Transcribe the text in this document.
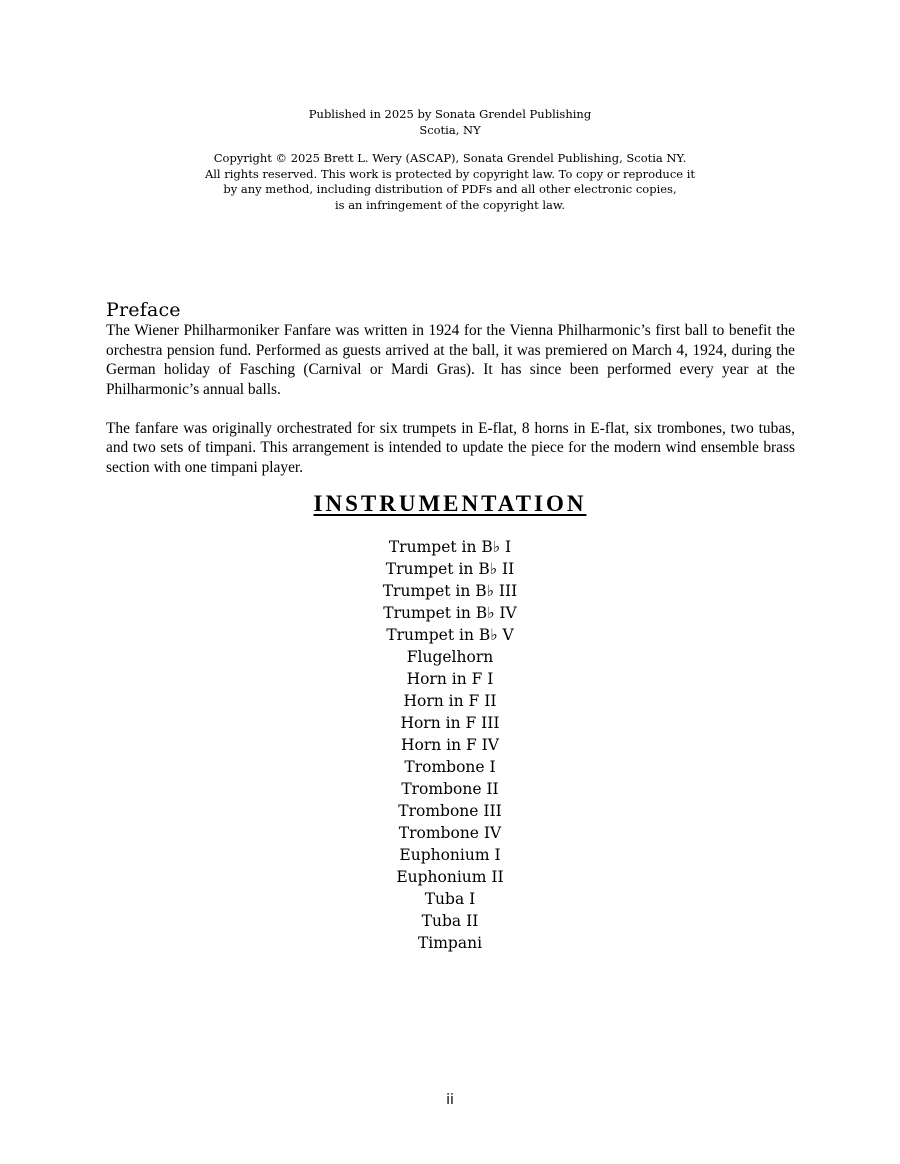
Published in 2025 by Sonata Grendel Publishing
Scotia, NY
Copyright © 2025 Brett L. Wery (ASCAP), Sonata Grendel Publishing, Scotia NY.
All rights reserved. This work is protected by copyright law. To copy or reproduce it
by any method, including distribution of PDFs and all other electronic copies,
is an infringement of the copyright law.
Preface

The Wiener Philharmoniker Fanfare was written in 1924 for the Vienna Philharmonic’s first ball to benefit the orchestra pension fund. Performed as guests arrived at the ball, it was premiered on March 4, 1924, during the German holiday of Fasching (Carnival or Mardi Gras). It has since been performed every year at the Philharmonic’s annual balls.

The fanfare was originally orchestrated for six trumpets in E-flat, 8 horns in E-flat, six trombones, two tubas, and two sets of timpani. This arrangement is intended to update the piece for the modern wind ensemble brass section with one timpani player.

INSTRUMENTATION
Trumpet in B♭ I
Trumpet in B♭ II
Trumpet in B♭ III
Trumpet in B♭ IV
Trumpet in B♭ V
Flugelhorn
Horn in F I
Horn in F II
Horn in F III
Horn in F IV
Trombone I
Trombone II
Trombone III
Trombone IV
Euphonium I
Euphonium II
Tuba I
Tuba II
Timpani
ii
